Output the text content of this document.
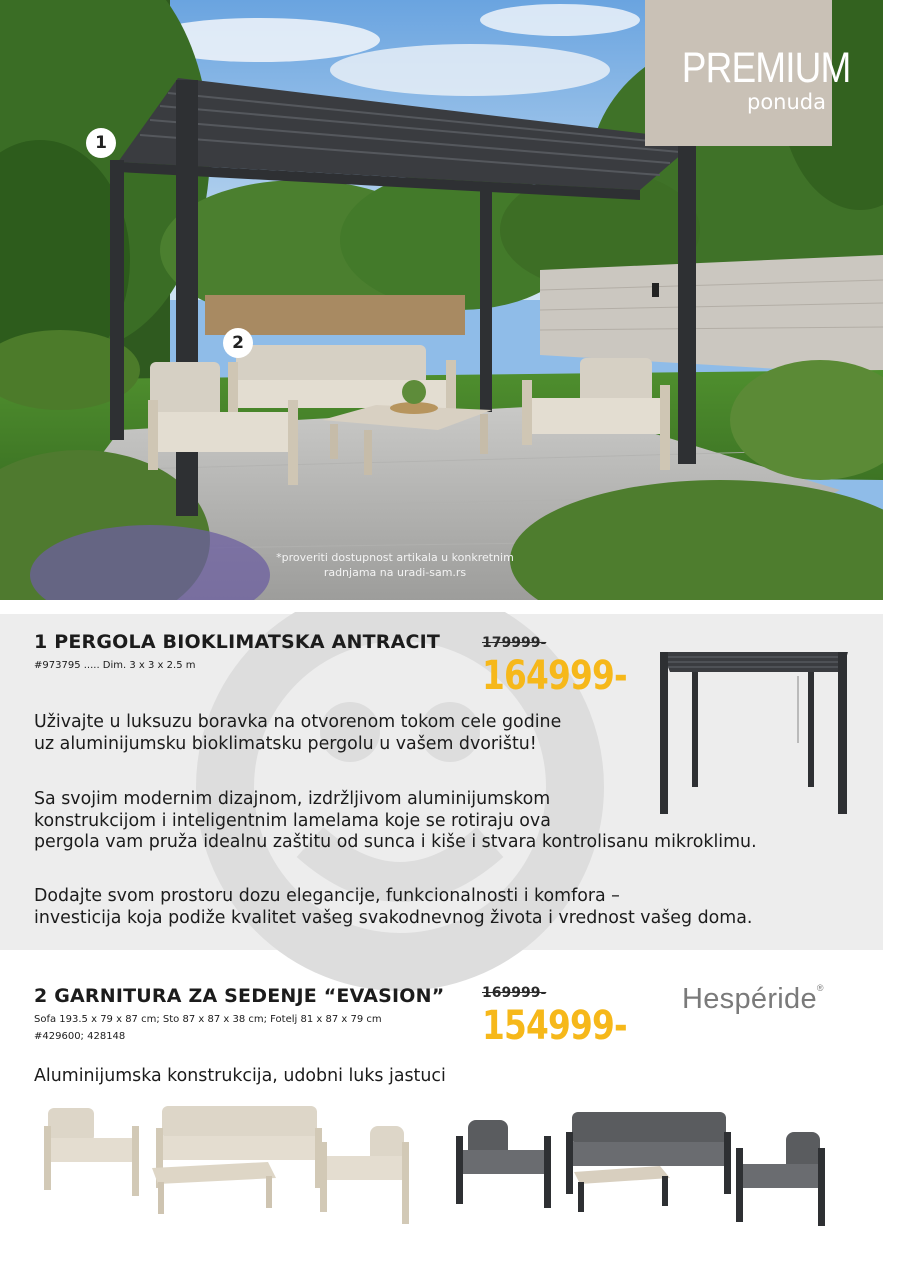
PREMIUM
ponuda
1
2
*proveriti dostupnost artikala u konkretnim
radnjama na uradi-sam.rs
1 PERGOLA BIOKLIMATSKA ANTRACIT
#973795 ..... Dim. 3 x 3 x 2.5 m
179999-
164999-
Uživajte u luksuzu boravka na otvorenom tokom cele godine
uz aluminijumsku bioklimatsku pergolu u vašem dvorištu!
Sa svojim modernim dizajnom, izdržljivom aluminijumskom
konstrukcijom i inteligentnim lamelama koje se rotiraju ova
pergola vam pruža idealnu zaštitu od sunca i kiše i stvara kontrolisanu mikroklimu.
Dodajte svom prostoru dozu elegancije, funkcionalnosti i komfora –
investicija koja podiže kvalitet vašeg svakodnevnog života i vrednost vašeg doma.
2 GARNITURA ZA SEDENJE “EVASION”
Sofa 193.5 x 79 x 87 cm; Sto 87 x 87 x 38 cm; Fotelj 81 x 87 x 79 cm
#429600; 428148
169999-
154999-
Hespéride®
Aluminijumska konstrukcija, udobni luks jastuci
